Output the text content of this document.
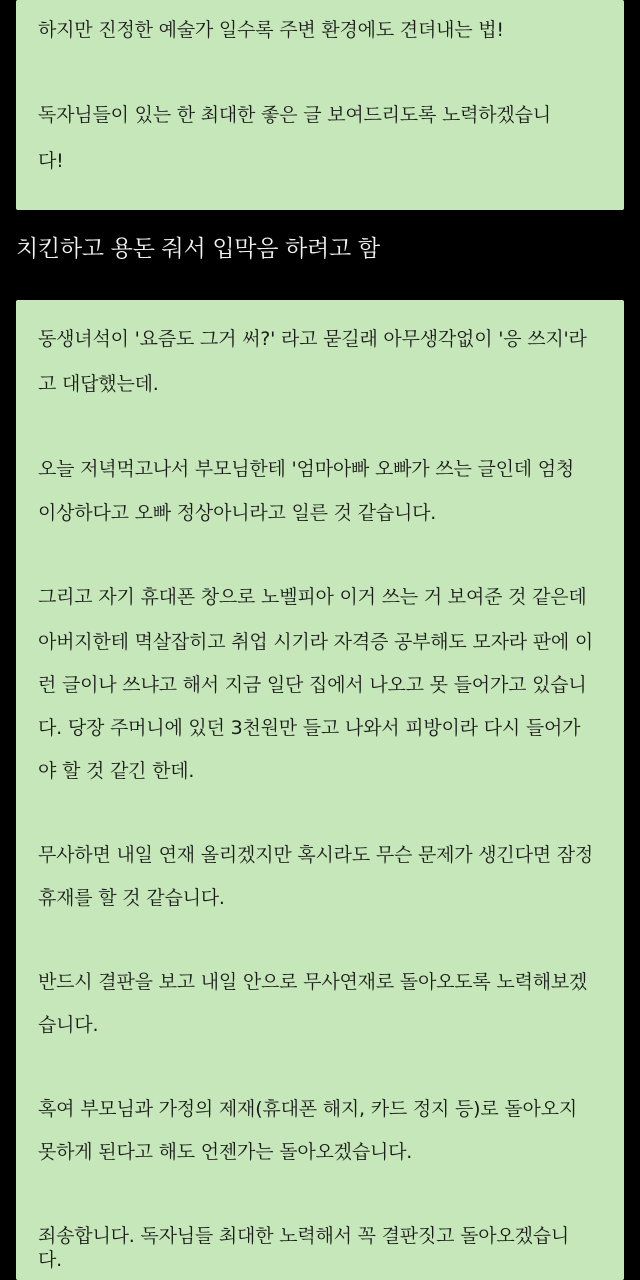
하지만 진정한 예술가 일수록 주변 환경에도 견뎌내는 법!

독자님들이 있는 한 최대한 좋은 글 보여드리도록 노력하겠습니

다!

치킨하고 용돈 줘서 입막음 하려고 함

동생녀석이 '요즘도 그거 써?' 라고 묻길래 아무생각없이 '응 쓰지'라

고 대답했는데.

오늘 저녁먹고나서 부모님한테 '엄마아빠 오빠가 쓰는 글인데 엄청

이상하다고 오빠 정상아니라고 일른 것 같습니다.

그리고 자기 휴대폰 창으로 노벨피아 이거 쓰는 거 보여준 것 같은데

아버지한테 멱살잡히고 취업 시기라 자격증 공부해도 모자라 판에 이

런 글이나 쓰냐고 해서 지금 일단 집에서 나오고 못 들어가고 있습니

다. 당장 주머니에 있던 3천원만 들고 나와서 피방이라 다시 들어가

야 할 것 같긴 한데.

무사하면 내일 연재 올리겠지만 혹시라도 무슨 문제가 생긴다면 잠정

휴재를 할 것 같습니다.

반드시 결판을 보고 내일 안으로 무사연재로 돌아오도록 노력해보겠

습니다.

혹여 부모님과 가정의 제재(휴대폰 해지, 카드 정지 등)로 돌아오지

못하게 된다고 해도 언젠가는 돌아오겠습니다.

죄송합니다. 독자님들 최대한 노력해서 꼭 결판짓고 돌아오겠습니

다.
